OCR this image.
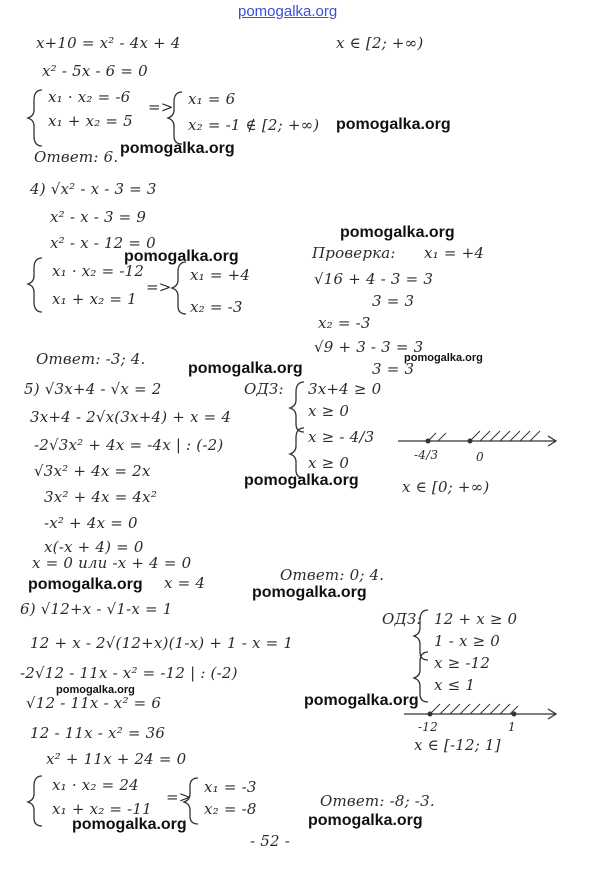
pomogalka.org
x+10 = x² - 4x + 4	x ∈ [2; +∞)
x² - 5x - 6 = 0
x₁ · x₂ = -6
x₁ + x₂ = 5
=> x₁ = 6
x₂ = -1 ∉ [2; +∞) pomogalka.org
Ответ: 6. pomogalka.org
4) √x² - x - 3 = 3
x² - x - 3 = 9
x² - x - 12 = 0
pomogalka.org
pomogalka.org
x₁ · x₂ = -12
x₁ + x₂ = 1
=>
x₁ = +4
x₂ = -3
Проверка: x₁ = +4
√16 + 4 - 3 = 3
3 = 3
x₂ = -3
√9 + 3 - 3 = 3
pomogalka.org
3 = 3
Ответ: -3; 4.
pomogalka.org
5) √3x+4 - √x = 2	ОДЗ: 3x+4 ≥ 0
x ≥ 0
x ≥ - 4/3
x ≥ 0
3x+4 - 2√x(3x+4) + x = 4
-2√3x² + 4x = -4x | : (-2)
√3x² + 4x = 2x
3x² + 4x = 4x²
-x² + 4x = 0
x(-x + 4) = 0
x = 0 или -x + 4 = 0
x = 4
-4/3	0
pomogalka.org	x ∈ [0; +∞)
pomogalka.org
Ответ: 0; 4.
pomogalka.org
6) √12+x - √1-x = 1
ОДЗ: 12 + x ≥ 0
1 - x ≥ 0
x ≥ -12
x ≤ 1
12 + x - 2√(12+x)(1-x) + 1 - x = 1
-2√12 - 11x - x² = -12 | : (-2)
pomogalka.org
√12 - 11x - x² = 6	pomogalka.org
-12	1
12 - 11x - x² = 36
x ∈ [-12; 1]
x² + 11x + 24 = 0
x₁ · x₂ = 24
x₁ + x₂ = -11
=>
x₁ = -3
x₂ = -8	Ответ: -8; -3.
pomogalka.org	pomogalka.org
- 52 -
